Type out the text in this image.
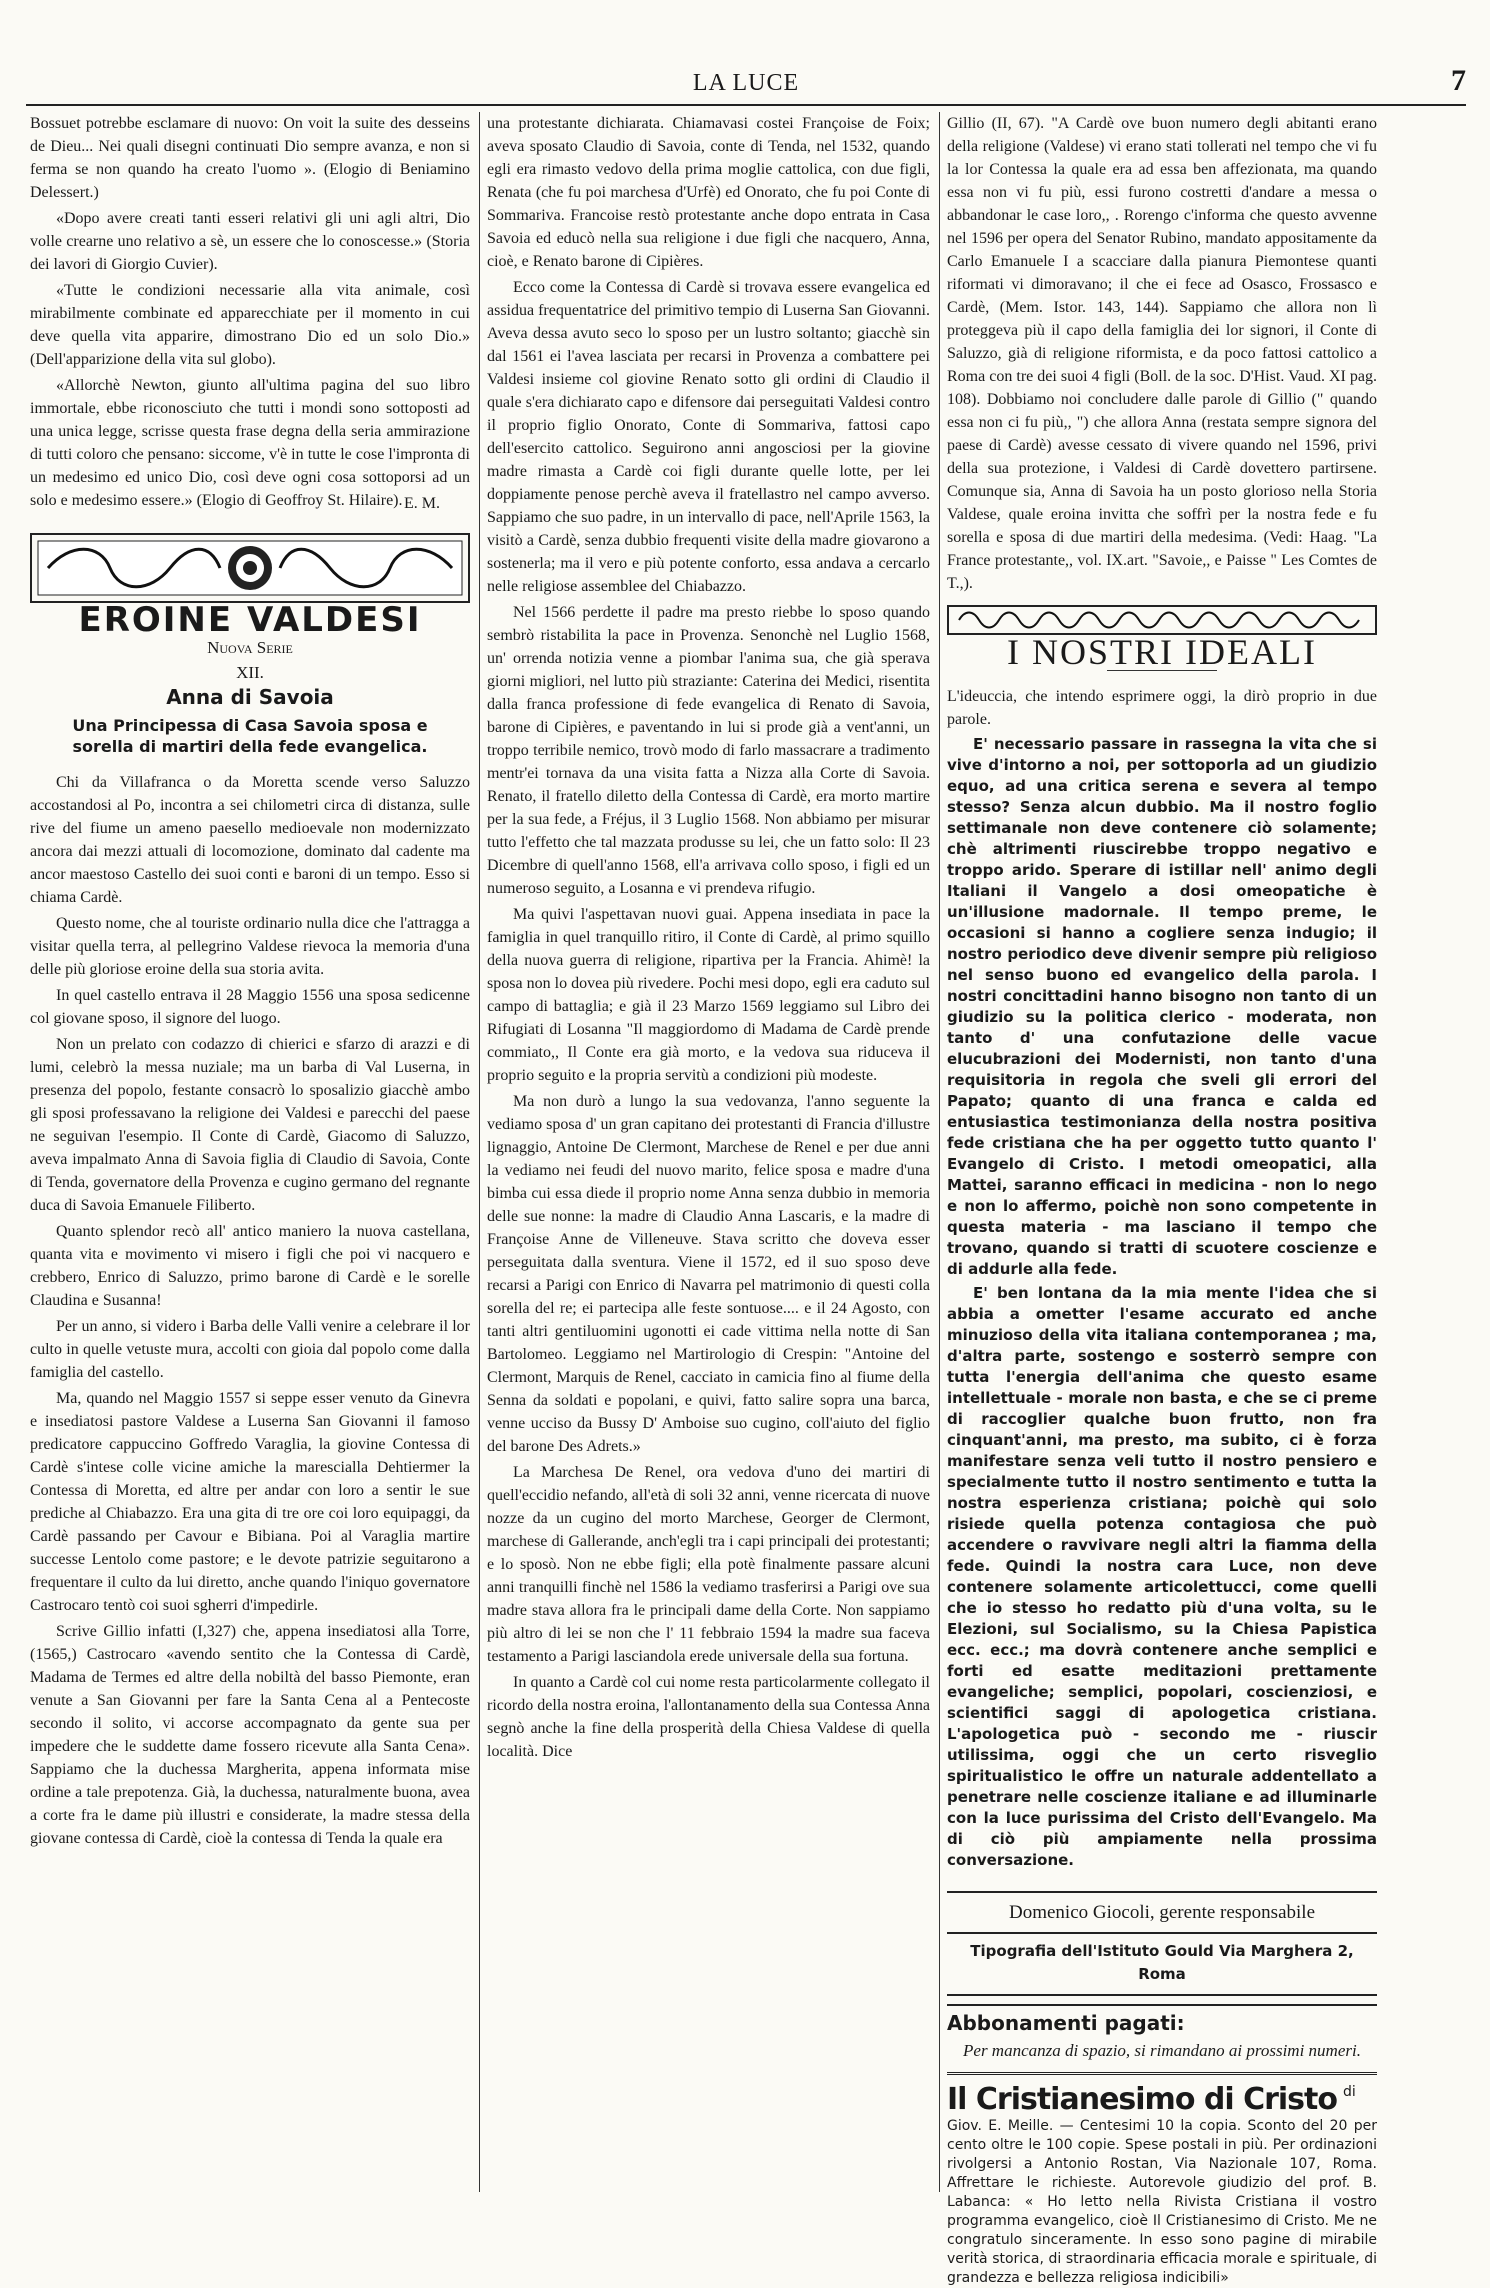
LA LUCE	7

Bossuet potrebbe esclamare di nuovo: On voit la suite des desseins de Dieu... Nei quali disegni continuati Dio sempre avanza, e non si ferma se non quando ha creato l'uomo ». (Elogio di Beniamino Delessert.)

«Dopo avere creati tanti esseri relativi gli uni agli altri, Dio volle crearne uno relativo a sè, un essere che lo conoscesse.» (Storia dei lavori di Giorgio Cuvier).

«Tutte le condizioni necessarie alla vita animale, così mirabilmente combinate ed apparecchiate per il momento in cui deve quella vita apparire, dimostrano Dio ed un solo Dio.» (Dell'apparizione della vita sul globo).

«Allorchè Newton, giunto all'ultima pagina del suo libro immortale, ebbe riconosciuto che tutti i mondi sono sottoposti ad una unica legge, scrisse questa frase degna della seria ammirazione di tutti coloro che pensano: siccome, v'è in tutte le cose l'impronta di un medesimo ed unico Dio, così deve ogni cosa sottoporsi ad un solo e medesimo essere.» (Elogio di Geoffroy St. Hilaire). E. M.
EROINE VALDESI
Nuova Serie
XII.
Anna di Savoia
Una Principessa di Casa Savoia sposa e sorella di martiri della fede evangelica.

Chi da Villafranca o da Moretta scende verso Saluzzo accostandosi al Po, incontra a sei chilometri circa di distanza, sulle rive del fiume un ameno paesello medioevale non modernizzato ancora dai mezzi attuali di locomozione, dominato dal cadente ma ancor maestoso Castello dei suoi conti e baroni di un tempo. Esso si chiama Cardè.

Questo nome, che al touriste ordinario nulla dice che l'attragga a visitar quella terra, al pellegrino Valdese rievoca la memoria d'una delle più gloriose eroine della sua storia avita.

In quel castello entrava il 28 Maggio 1556 una sposa sedicenne col giovane sposo, il signore del luogo.

Non un prelato con codazzo di chierici e sfarzo di arazzi e di lumi, celebrò la messa nuziale; ma un barba di Val Luserna, in presenza del popolo, festante consacrò lo sposalizio giacchè ambo gli sposi professavano la religione dei Valdesi e parecchi del paese ne seguivan l'esempio. Il Conte di Cardè, Giacomo di Saluzzo, aveva impalmato Anna di Savoia figlia di Claudio di Savoia, Conte di Tenda, governatore della Provenza e cugino germano del regnante duca di Savoia Emanuele Filiberto.

Quanto splendor recò all' antico maniero la nuova castellana, quanta vita e movimento vi misero i figli che poi vi nacquero e crebbero, Enrico di Saluzzo, primo barone di Cardè e le sorelle Claudina e Susanna!

Per un anno, si videro i Barba delle Valli venire a celebrare il lor culto in quelle vetuste mura, accolti con gioia dal popolo come dalla famiglia del castello.

Ma, quando nel Maggio 1557 si seppe esser venuto da Ginevra e insediatosi pastore Valdese a Luserna San Giovanni il famoso predicatore cappuccino Goffredo Varaglia, la giovine Contessa di Cardè s'intese colle vicine amiche la marescialla Dehtiermer la Contessa di Moretta, ed altre per andar con loro a sentir le sue prediche al Chiabazzo. Era una gita di tre ore coi loro equipaggi, da Cardè passando per Cavour e Bibiana. Poi al Varaglia martire successe Lentolo come pastore; e le devote patrizie seguitarono a frequentare il culto da lui diretto, anche quando l'iniquo governatore Castrocaro tentò coi suoi sgherri d'impedirle.

Scrive Gillio infatti (I,327) che, appena insediatosi alla Torre, (1565,) Castrocaro «avendo sentito che la Contessa di Cardè, Madama de Termes ed altre della nobiltà del basso Piemonte, eran venute a San Giovanni per fare la Santa Cena al a Pentecoste secondo il solito, vi accorse accompagnato da gente sua per impedere che le suddette dame fossero ricevute alla Santa Cena». Sappiamo che la duchessa Margherita, appena informata mise ordine a tale prepotenza. Già, la duchessa, naturalmente buona, avea a corte fra le dame più illustri e considerate, la madre stessa della giovane contessa di Cardè, cioè la contessa di Tenda la quale era

una protestante dichiarata. Chiamavasi costei Françoise de Foix; aveva sposato Claudio di Savoia, conte di Tenda, nel 1532, quando egli era rimasto vedovo della prima moglie cattolica, con due figli, Renata (che fu poi marchesa d'Urfè) ed Onorato, che fu poi Conte di Sommariva. Francoise restò protestante anche dopo entrata in Casa Savoia ed educò nella sua religione i due figli che nacquero, Anna, cioè, e Renato barone di Cipières.

Ecco come la Contessa di Cardè si trovava essere evangelica ed assidua frequentatrice del primitivo tempio di Luserna San Giovanni. Aveva dessa avuto seco lo sposo per un lustro soltanto; giacchè sin dal 1561 ei l'avea lasciata per recarsi in Provenza a combattere pei Valdesi insieme col giovine Renato sotto gli ordini di Claudio il quale s'era dichiarato capo e difensore dai perseguitati Valdesi contro il proprio figlio Onorato, Conte di Sommariva, fattosi capo dell'esercito cattolico. Seguirono anni angosciosi per la giovine madre rimasta a Cardè coi figli durante quelle lotte, per lei doppiamente penose perchè aveva il fratellastro nel campo avverso. Sappiamo che suo padre, in un intervallo di pace, nell'Aprile 1563, la visitò a Cardè, senza dubbio frequenti visite della madre giovarono a sostenerla; ma il vero e più potente conforto, essa andava a cercarlo nelle religiose assemblee del Chiabazzo.

Nel 1566 perdette il padre ma presto riebbe lo sposo quando sembrò ristabilita la pace in Provenza. Senonchè nel Luglio 1568, un' orrenda notizia venne a piombar l'anima sua, che già sperava giorni migliori, nel lutto più straziante: Caterina dei Medici, risentita dalla franca professione di fede evangelica di Renato di Savoia, barone di Cipières, e paventando in lui si prode già a vent'anni, un troppo terribile nemico, trovò modo di farlo massacrare a tradimento mentr'ei tornava da una visita fatta a Nizza alla Corte di Savoia. Renato, il fratello diletto della Contessa di Cardè, era morto martire per la sua fede, a Fréjus, il 3 Luglio 1568. Non abbiamo per misurar tutto l'effetto che tal mazzata produsse su lei, che un fatto solo: Il 23 Dicembre di quell'anno 1568, ell'a arrivava collo sposo, i figli ed un numeroso seguito, a Losanna e vi prendeva rifugio.

Ma quivi l'aspettavan nuovi guai. Appena insediata in pace la famiglia in quel tranquillo ritiro, il Conte di Cardè, al primo squillo della nuova guerra di religione, ripartiva per la Francia. Ahimè! la sposa non lo dovea più rivedere. Pochi mesi dopo, egli era caduto sul campo di battaglia; e già il 23 Marzo 1569 leggiamo sul Libro dei Rifugiati di Losanna "Il maggiordomo di Madama de Cardè prende commiato,, Il Conte era già morto, e la vedova sua riduceva il proprio seguito e la propria servitù a condizioni più modeste.

Ma non durò a lungo la sua vedovanza, l'anno seguente la vediamo sposa d' un gran capitano dei protestanti di Francia d'illustre lignaggio, Antoine De Clermont, Marchese de Renel e per due anni la vediamo nei feudi del nuovo marito, felice sposa e madre d'una bimba cui essa diede il proprio nome Anna senza dubbio in memoria delle sue nonne: la madre di Claudio Anna Lascaris, e la madre di Françoise Anne de Villeneuve. Stava scritto che doveva esser perseguitata dalla sventura. Viene il 1572, ed il suo sposo deve recarsi a Parigi con Enrico di Navarra pel matrimonio di questi colla sorella del re; ei partecipa alle feste sontuose.... e il 24 Agosto, con tanti altri gentiluomini ugonotti ei cade vittima nella notte di San Bartolomeo. Leggiamo nel Martirologio di Crespin: "Antoine del Clermont, Marquis de Renel, cacciato in camicia fino al fiume della Senna da soldati e popolani, e quivi, fatto salire sopra una barca, venne ucciso da Bussy D' Amboise suo cugino, coll'aiuto del figlio del barone Des Adrets.»

La Marchesa De Renel, ora vedova d'uno dei martiri di quell'eccidio nefando, all'età di soli 32 anni, venne ricercata di nuove nozze da un cugino del morto Marchese, Georger de Clermont, marchese di Gallerande, anch'egli tra i capi principali dei protestanti; e lo sposò. Non ne ebbe figli; ella potè finalmente passare alcuni anni tranquilli finchè nel 1586 la vediamo trasferirsi a Parigi ove sua madre stava allora fra le principali dame della Corte. Non sappiamo più altro di lei se non che l' 11 febbraio 1594 la madre sua faceva testamento a Parigi lasciandola erede universale della sua fortuna.

In quanto a Cardè col cui nome resta particolarmente collegato il ricordo della nostra eroina, l'allontanamento della sua Contessa Anna segnò anche la fine della prosperità della Chiesa Valdese di quella località. Dice

Gillio (II, 67). "A Cardè ove buon numero degli abitanti erano della religione (Valdese) vi erano stati tollerati nel tempo che vi fu la lor Contessa la quale era ad essa ben affezionata, ma quando essa non vi fu più, essi furono costretti d'andare a messa o abbandonar le case loro,, . Rorengo c'informa che questo avvenne nel 1596 per opera del Senator Rubino, mandato appositamente da Carlo Emanuele I a scacciare dalla pianura Piemontese quanti riformati vi dimoravano; il che ei fece ad Osasco, Frossasco e Cardè, (Mem. Istor. 143, 144). Sappiamo che allora non lì proteggeva più il capo della famiglia dei lor signori, il Conte di Saluzzo, già di religione riformista, e da poco fattosi cattolico a Roma con tre dei suoi 4 figli (Boll. de la soc. D'Hist. Vaud. XI pag. 108). Dobbiamo noi concludere dalle parole di Gillio (" quando essa non ci fu più,, ") che allora Anna (restata sempre signora del paese di Cardè) avesse cessato di vivere quando nel 1596, privi della sua protezione, i Valdesi di Cardè dovettero partirsene. Comunque sia, Anna di Savoia ha un posto glorioso nella Storia Valdese, quale eroina invitta che soffrì per la nostra fede e fu sorella e sposa di due martiri della medesima. (Vedi: Haag. "La France protestante,, vol. IX.art. "Savoie,, e Paisse " Les Comtes de T.,).

I NOSTRI IDEALI

L'ideuccia, che intendo esprimere oggi, la dirò proprio in due parole.

E' necessario passare in rassegna la vita che si vive d'intorno a noi, per sottoporla ad un giudizio equo, ad una critica serena e severa al tempo stesso? Senza alcun dubbio. Ma il nostro foglio settimanale non deve contenere ciò solamente; chè altrimenti riuscirebbe troppo negativo e troppo arido. Sperare di istillar nell' animo degli Italiani il Vangelo a dosi omeopatiche è un'illusione madornale. Il tempo preme, le occasioni si hanno a cogliere senza indugio; il nostro periodico deve divenir sempre più religioso nel senso buono ed evangelico della parola. I nostri concittadini hanno bisogno non tanto di un giudizio su la politica clerico - moderata, non tanto d' una confutazione delle vacue elucubrazioni dei Modernisti, non tanto d'una requisitoria in regola che sveli gli errori del Papato; quanto di una franca e calda ed entusiastica testimonianza della nostra positiva fede cristiana che ha per oggetto tutto quanto l' Evangelo di Cristo. I metodi omeopatici, alla Mattei, saranno efficaci in medicina - non lo nego e non lo affermo, poichè non sono competente in questa materia - ma lasciano il tempo che trovano, quando si tratti di scuotere coscienze e di addurle alla fede.

E' ben lontana da la mia mente l'idea che si abbia a ometter l'esame accurato ed anche minuzioso della vita italiana contemporanea ; ma, d'altra parte, sostengo e sosterrò sempre con tutta l'energia dell'anima che questo esame intellettuale - morale non basta, e che se ci preme di raccoglier qualche buon frutto, non fra cinquant'anni, ma presto, ma subito, ci è forza manifestare senza veli tutto il nostro pensiero e specialmente tutto il nostro sentimento e tutta la nostra esperienza cristiana; poichè qui solo risiede quella potenza contagiosa che può accendere o ravvivare negli altri la fiamma della fede. Quindi la nostra cara Luce, non deve contenere solamente articolettucci, come quelli che io stesso ho redatto più d'una volta, su le Elezioni, sul Socialismo, su la Chiesa Papistica ecc. ecc.; ma dovrà contenere anche semplici e forti ed esatte meditazioni prettamente evangeliche; semplici, popolari, coscienziosi, e scientifici saggi di apologetica cristiana. L'apologetica può - secondo me - riuscir utilissima, oggi che un certo risveglio spiritualistico le offre un naturale addentellato a penetrare nelle coscienze italiane e ad illuminarle con la luce purissima del Cristo dell'Evangelo. Ma di ciò più ampiamente nella prossima conversazione.

Domenico Giocoli, gerente responsabile
Tipografia dell'Istituto Gould Via Marghera 2, Roma
Abbonamenti pagati:
Per mancanza di spazio, si rimandano ai prossimi numeri.
Il Cristianesimo di Cristo di Giov. E. Meille. — Centesimi 10 la copia. Sconto del 20 per cento oltre le 100 copie. Spese postali in più. Per ordinazioni rivolgersi a Antonio Rostan, Via Nazionale 107, Roma. Affrettare le richieste. Autorevole giudizio del prof. B. Labanca: « Ho letto nella Rivista Cristiana il vostro programma evangelico, cioè Il Cristianesimo di Cristo. Me ne congratulo sinceramente. In esso sono pagine di mirabile verità storica, di straordinaria efficacia morale e spirituale, di grandezza e bellezza religiosa indicibili»
